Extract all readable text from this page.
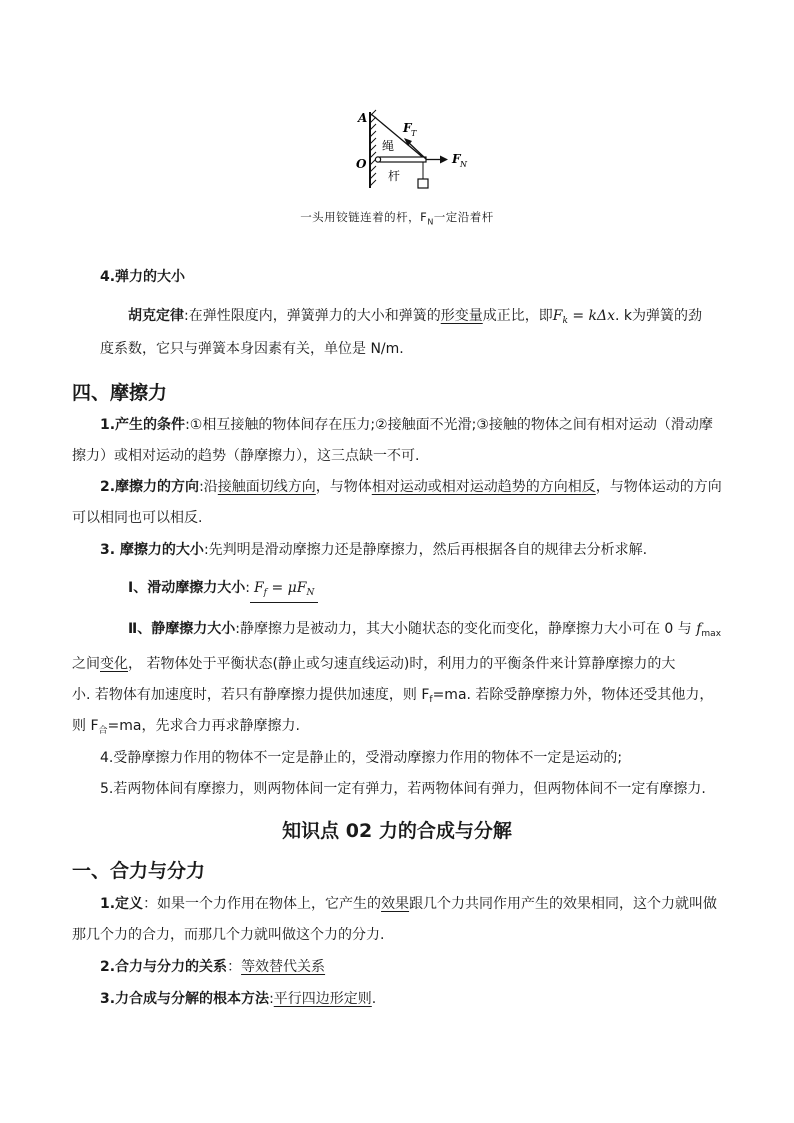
A
O
F T
F N
绳
杆
一头用铰链连着的杆，$F_N$一定沿着杆
4.弹力的大小
胡克定律:在弹性限度内，弹簧弹力的大小和弹簧的形变量成正比，即$F_k = k\Delta x$. k为弹簧的劲
度系数，它只与弹簧本身因素有关，单位是 N/m.
四、摩擦力
1.产生的条件:①相互接触的物体间存在压力;②接触面不光滑;③接触的物体之间有相对运动（滑动摩
擦力）或相对运动的趋势（静摩擦力），这三点缺一不可.
2.摩擦力的方向:沿接触面切线方向，与物体相对运动或相对运动趋势的方向相反，与物体运动的方向
可以相同也可以相反.
3. 摩擦力的大小:先判明是滑动摩擦力还是静摩擦力，然后再根据各自的规律去分析求解.
Ⅰ、滑动摩擦力大小: $F_f = \mu F_N$
Ⅱ、静摩擦力大小:静摩擦力是被动力，其大小随状态的变化而变化，静摩擦力大小可在 0 与 $f_{max}$
之间变化， 若物体处于平衡状态(静止或匀速直线运动)时，利用力的平衡条件来计算静摩擦力的大
小. 若物体有加速度时，若只有静摩擦力提供加速度，则 $F_f=ma$. 若除受静摩擦力外，物体还受其他力，
则 $F_合=ma$，先求合力再求静摩擦力.
4.受静摩擦力作用的物体不一定是静止的，受滑动摩擦力作用的物体不一定是运动的;
5.若两物体间有摩擦力，则两物体间一定有弹力，若两物体间有弹力，但两物体间不一定有摩擦力.
知识点 02 力的合成与分解
一、合力与分力
1.定义：如果一个力作用在物体上，它产生的效果跟几个力共同作用产生的效果相同，这个力就叫做
那几个力的合力，而那几个力就叫做这个力的分力.
2.合力与分力的关系：等效替代关系
3.力合成与分解的根本方法:平行四边形定则.
